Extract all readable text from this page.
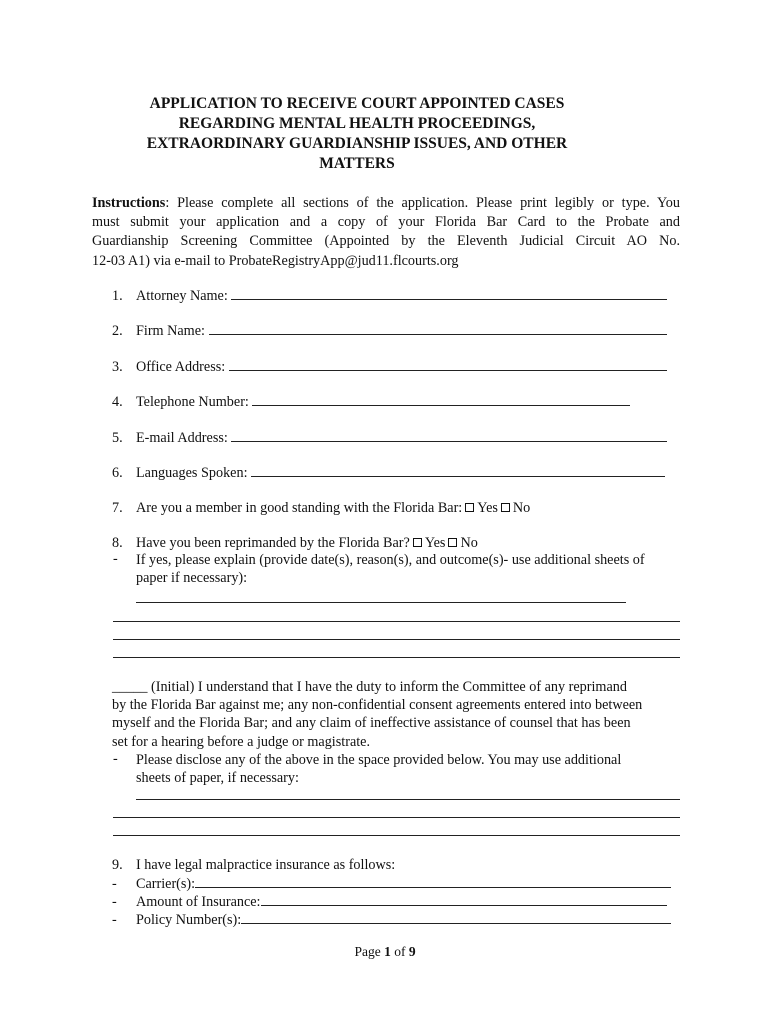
APPLICATION TO RECEIVE COURT APPOINTED CASES
REGARDING MENTAL HEALTH PROCEEDINGS,
EXTRAORDINARY GUARDIANSHIP ISSUES, AND OTHER
MATTERS
Instructions: Please complete all sections of the application. Please print legibly or type. You
must submit your application and a copy of your Florida Bar Card to the Probate and
Guardianship Screening Committee (Appointed by the Eleventh Judicial Circuit AO No.
12-03 A1) via e-mail to ProbateRegistryApp@jud11.flcourts.org
1. Attorney Name:
2. Firm Name:
3. Office Address:
4. Telephone Number:
5. E-mail Address:
6. Languages Spoken:
7. Are you a member in good standing with the Florida Bar: Yes No
8. Have you been reprimanded by the Florida Bar? Yes No
- If yes, please explain (provide date(s), reason(s), and outcome(s)- use additional sheets of
paper if necessary):
_____ (Initial) I understand that I have the duty to inform the Committee of any reprimand
by the Florida Bar against me; any non-confidential consent agreements entered into between
myself and the Florida Bar; and any claim of ineffective assistance of counsel that has been
set for a hearing before a judge or magistrate.
- Please disclose any of the above in the space provided below. You may use additional
sheets of paper, if necessary:
9. I have legal malpractice insurance as follows:
- Carrier(s):
- Amount of Insurance:
- Policy Number(s):
Page 1 of 9
